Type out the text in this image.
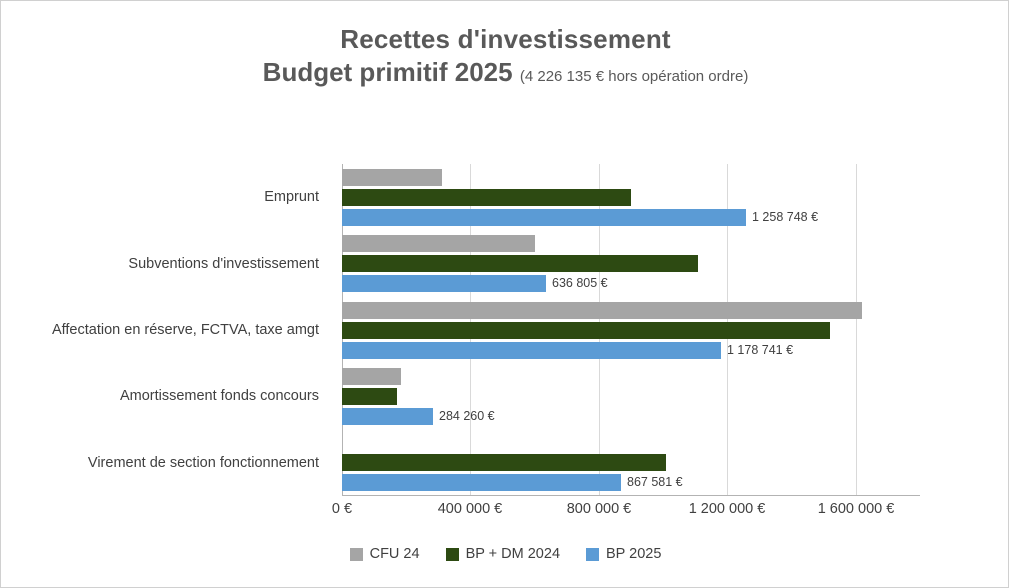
Recettes d'investissement
Budget primitif 2025 (4 226 135 € hors opération ordre)
Emprunt
Subventions d'investissement
Affectation en réserve, FCTVA, taxe amgt
Amortissement fonds concours
Virement de section fonctionnement
1 258 748 €
636 805 €
1 178 741 €
284 260 €
867 581 €
0 €	400 000 €	800 000 €	1 200 000 €	1 600 000 €
CFU 24	BP + DM 2024	BP 2025
